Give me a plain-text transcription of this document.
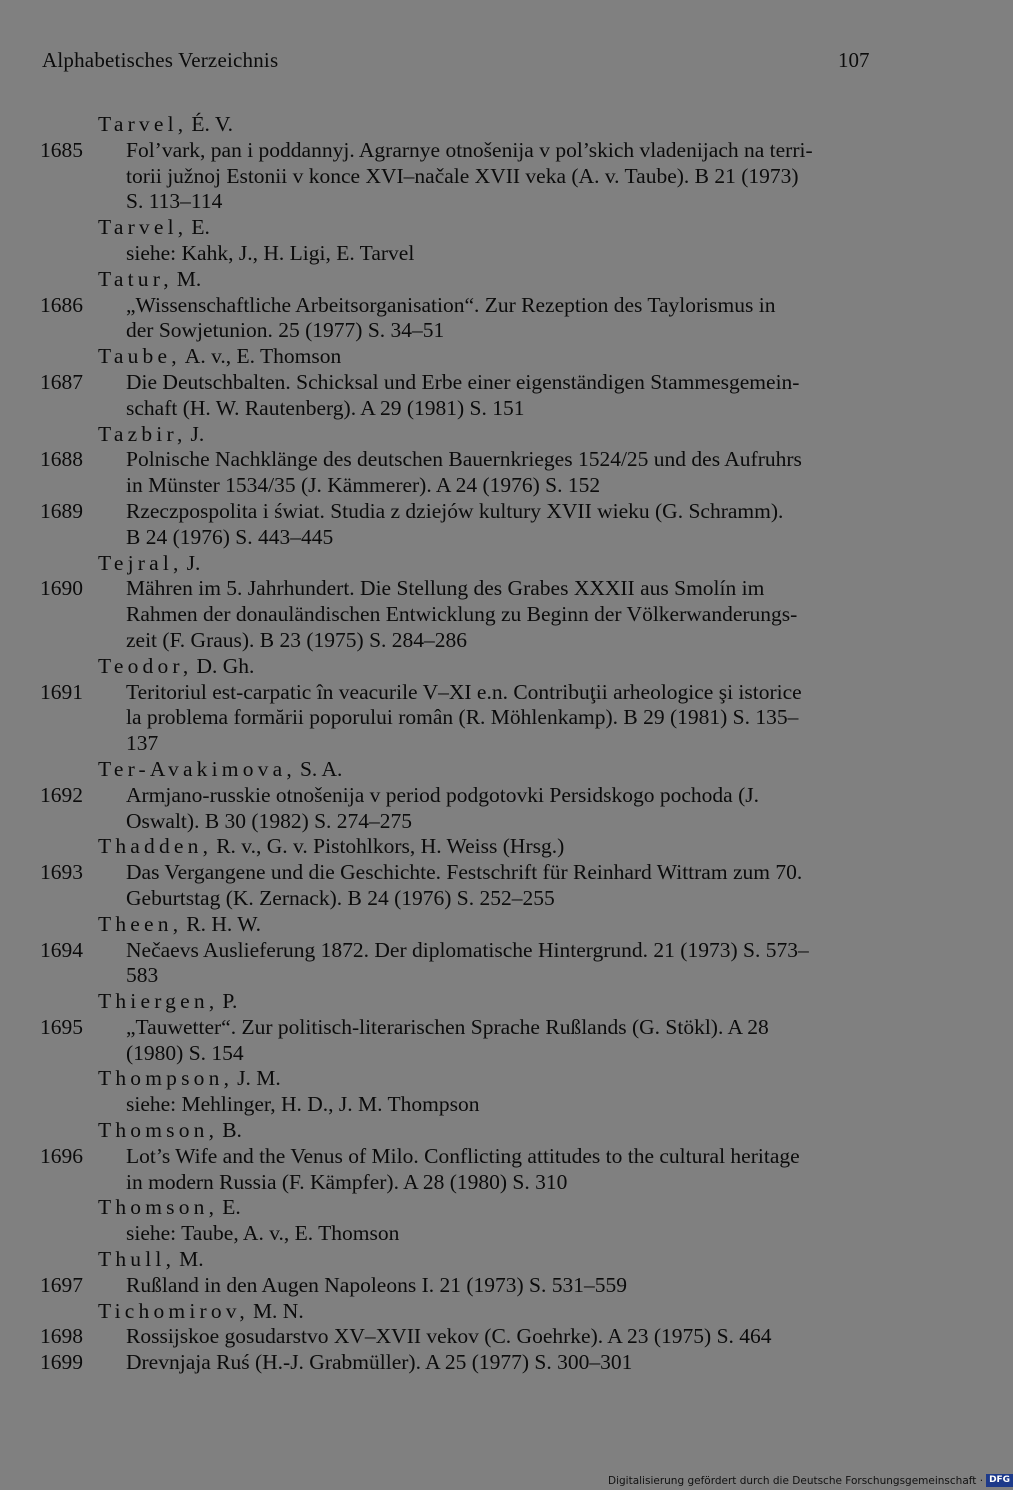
Alphabetisches Verzeichnis	107
Tarvel, É. V.
1685 Fol’vark, pan i poddannyj. Agrarnye otnošenija v pol’skich vladenijach na terri-
torii južnoj Estonii v konce XVI–načale XVII veka (A. v. Taube). B 21 (1973)
S. 113–114
Tarvel, E.
siehe: Kahk, J., H. Ligi, E. Tarvel
Tatur, M.
1686 „Wissenschaftliche Arbeitsorganisation“. Zur Rezeption des Taylorismus in
der Sowjetunion. 25 (1977) S. 34–51
Taube, A. v., E. Thomson
1687 Die Deutschbalten. Schicksal und Erbe einer eigenständigen Stammesgemein-
schaft (H. W. Rautenberg). A 29 (1981) S. 151
Tazbir, J.
1688 Polnische Nachklänge des deutschen Bauernkrieges 1524/25 und des Aufruhrs
in Münster 1534/35 (J. Kämmerer). A 24 (1976) S. 152
1689 Rzeczpospolita i świat. Studia z dziejów kultury XVII wieku (G. Schramm).
B 24 (1976) S. 443–445
Tejral, J.
1690 Mähren im 5. Jahrhundert. Die Stellung des Grabes XXXII aus Smolín im
Rahmen der donauländischen Entwicklung zu Beginn der Völkerwanderungs-
zeit (F. Graus). B 23 (1975) S. 284–286
Teodor, D. Gh.
1691 Teritoriul est-carpatic în veacurile V–XI e.n. Contribuţii arheologice şi istorice
la problema formării poporului român (R. Möhlenkamp). B 29 (1981) S. 135–
137
Ter-Avakimova, S. A.
1692 Armjano-russkie otnošenija v period podgotovki Persidskogo pochoda (J.
Oswalt). B 30 (1982) S. 274–275
Thadden, R. v., G. v. Pistohlkors, H. Weiss (Hrsg.)
1693 Das Vergangene und die Geschichte. Festschrift für Reinhard Wittram zum 70.
Geburtstag (K. Zernack). B 24 (1976) S. 252–255
Theen, R. H. W.
1694 Nečaevs Auslieferung 1872. Der diplomatische Hintergrund. 21 (1973) S. 573–
583
Thiergen, P.
1695 „Tauwetter“. Zur politisch-literarischen Sprache Rußlands (G. Stökl). A 28
(1980) S. 154
Thompson, J. M.
siehe: Mehlinger, H. D., J. M. Thompson
Thomson, B.
1696 Lot’s Wife and the Venus of Milo. Conflicting attitudes to the cultural heritage
in modern Russia (F. Kämpfer). A 28 (1980) S. 310
Thomson, E.
siehe: Taube, A. v., E. Thomson
Thull, M.
1697 Rußland in den Augen Napoleons I. 21 (1973) S. 531–559
Tichomirov, M. N.
1698 Rossijskoe gosudarstvo XV–XVII vekov (C. Goehrke). A 23 (1975) S. 464
1699 Drevnjaja Ruś (H.-J. Grabmüller). A 25 (1977) S. 300–301
Digitalisierung gefördert durch die Deutsche Forschungsgemeinschaft · DFG
